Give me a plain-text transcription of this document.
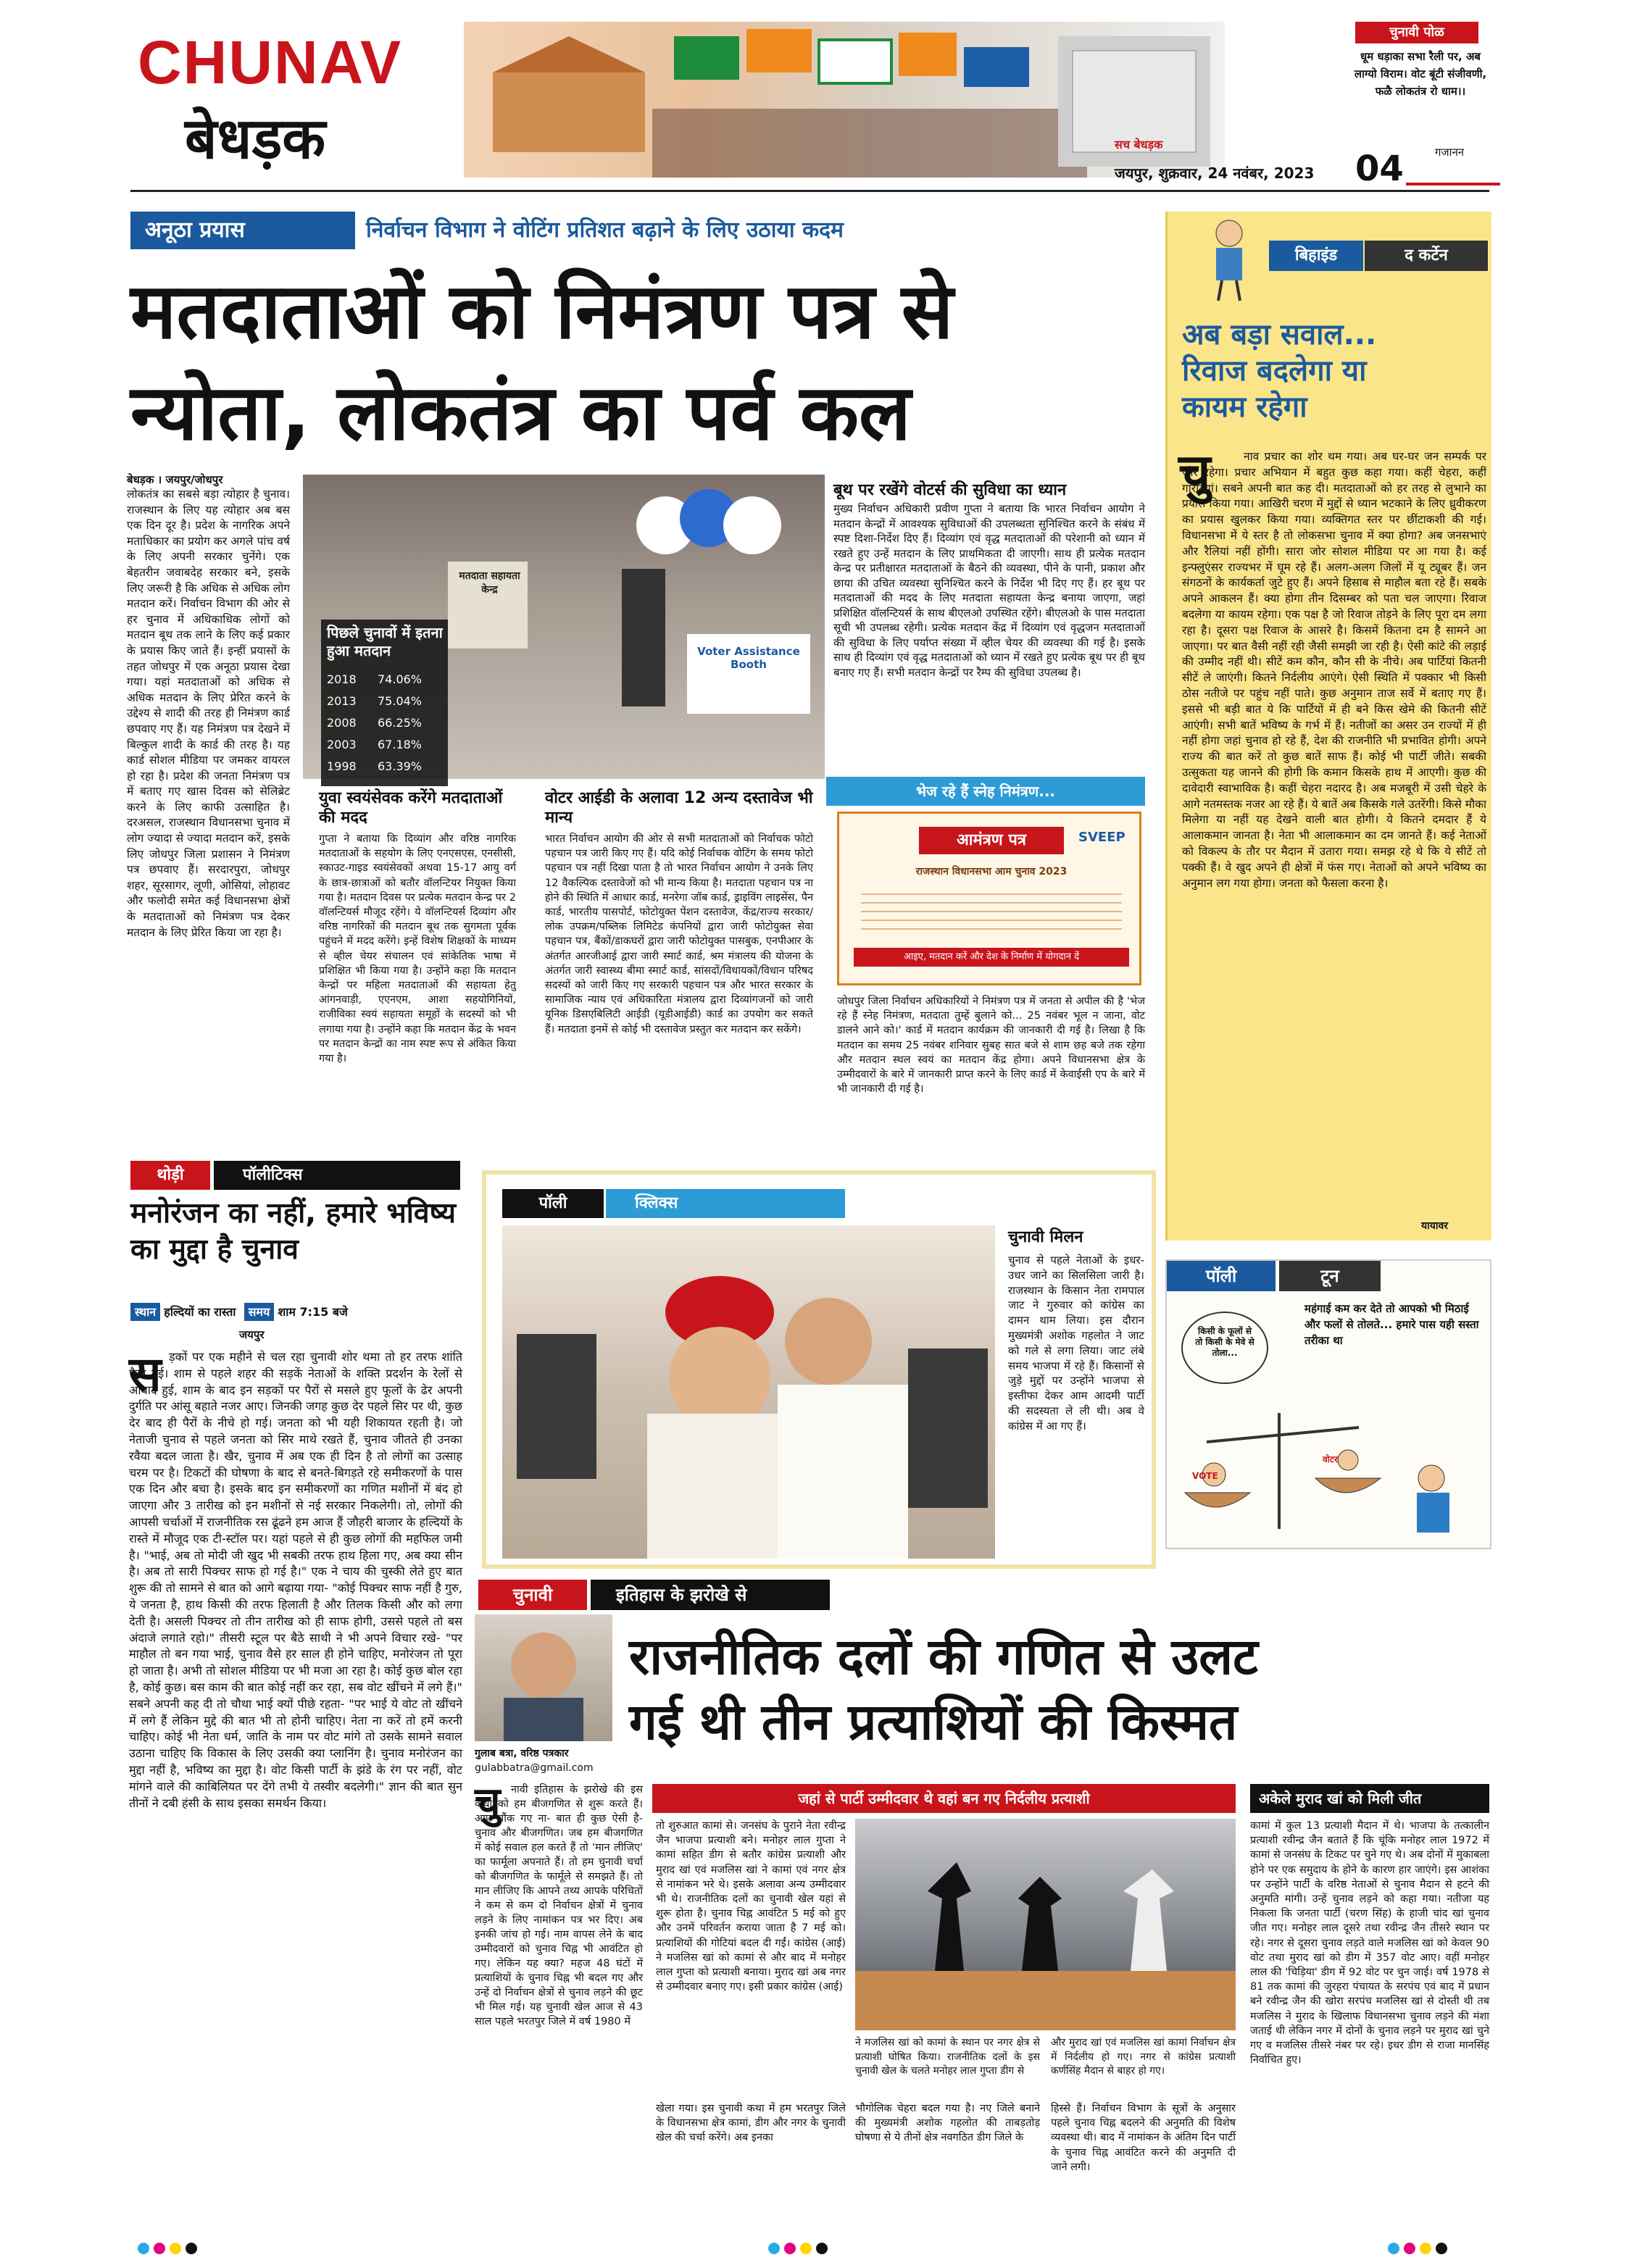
CHUNAV
बेधड़क
चुनावी पोळ
धूम धड़ाका सभा रैली पर, अब लाग्यो विराम। वोट बूंटी संजीवणी, फळै लोकतंत्र रो धाम।।
गजानन
सच बेधड़क
जयपुर, शुक्रवार, 24 नवंबर, 2023 04
अनूठा प्रयास	निर्वाचन विभाग ने वोटिंग प्रतिशत बढ़ाने के लिए उठाया कदम
मतदाताओं को निमंत्रण पत्र से
न्योता, लोकतंत्र का पर्व कल
बेधड़क । जयपुर/जोधपुर
लोकतंत्र का सबसे बड़ा त्योहार है चुनाव। राजस्थान के लिए यह त्योहार अब बस एक दिन दूर है। प्रदेश के नागरिक अपने मताधिकार का प्रयोग कर अगले पांच वर्ष के लिए अपनी सरकार चुनेंगे। एक बेहतरीन जवाबदेह सरकार बने, इसके लिए जरूरी है कि अधिक से अधिक लोग मतदान करें। निर्वाचन विभाग की ओर से हर चुनाव में अधिकाधिक लोगों को मतदान बूथ तक लाने के लिए कई प्रकार के प्रयास किए जाते हैं। इन्हीं प्रयासों के तहत जोधपुर में एक अनूठा प्रयास देखा गया। यहां मतदाताओं को अधिक से अधिक मतदान के लिए प्रेरित करने के उद्देश्य से शादी की तरह ही निमंत्रण कार्ड छपवाए गए हैं। यह निमंत्रण पत्र देखने में बिल्कुल शादी के कार्ड की तरह है। यह कार्ड सोशल मीडिया पर जमकर वायरल हो रहा है। प्रदेश की जनता निमंत्रण पत्र में बताए गए खास दिवस को सेलिब्रेट करने के लिए काफी उत्साहित है। दरअसल, राजस्थान विधानसभा चुनाव में लोग ज्यादा से ज्यादा मतदान करें, इसके लिए जोधपुर जिला प्रशासन ने निमंत्रण पत्र छपवाए हैं। सरदारपुरा, जोधपुर शहर, सूरसागर, लूणी, ओसियां, लोहावट और फलोदी समेत कई विधानसभा क्षेत्रों के मतदाताओं को निमंत्रण पत्र देकर मतदान के लिए प्रेरित किया जा रहा है।
मतदाता सहायता केन्द्र
Voter Assistance Booth
पिछले चुनावों में इतना हुआ मतदान
2018 74.06%
2013 75.04%
2008 66.25%
2003 67.18%
1998 63.39%
बूथ पर रखेंगे वोटर्स की सुविधा का ध्यान
मुख्य निर्वाचन अधिकारी प्रवीण गुप्ता ने बताया कि भारत निर्वाचन आयोग ने मतदान केन्द्रों में आवश्यक सुविधाओं की उपलब्धता सुनिश्चित करने के संबंध में स्पष्ट दिशा-निर्देश दिए हैं। दिव्यांग एवं वृद्ध मतदाताओं की परेशानी को ध्यान में रखते हुए उन्हें मतदान के लिए प्राथमिकता दी जाएगी। साथ ही प्रत्येक मतदान केन्द्र पर प्रतीक्षारत मतदाताओं के बैठने की व्यवस्था, पीने के पानी, प्रकाश और छाया की उचित व्यवस्था सुनिश्चित करने के निर्देश भी दिए गए हैं। हर बूथ पर मतदाताओं की मदद के लिए मतदाता सहायता केन्द्र बनाया जाएगा, जहां प्रशिक्षित वॉलन्टियर्स के साथ बीएलओ उपस्थित रहेंगे। बीएलओ के पास मतदाता सूची भी उपलब्ध रहेगी। प्रत्येक मतदान केंद्र में दिव्यांग एवं वृद्धजन मतदाताओं की सुविधा के लिए पर्याप्त संख्या में व्हील चेयर की व्यवस्था की गई है। इसके साथ ही दिव्यांग एवं वृद्ध मतदाताओं को ध्यान में रखते हुए प्रत्येक बूथ पर ही बूथ बनाए गए हैं। सभी मतदान केन्द्रों पर रैम्प की सुविधा उपलब्ध है।
युवा स्वयंसेवक करेंगे मतदाताओं की मदद
गुप्ता ने बताया कि दिव्यांग और वरिष्ठ नागरिक मतदाताओं के सहयोग के लिए एनएसएस, एनसीसी, स्काउट-गाइड स्वयंसेवकों अथवा 15-17 आयु वर्ग के छात्र-छात्राओं को बतौर वॉलन्टियर नियुक्त किया गया है। मतदान दिवस पर प्रत्येक मतदान केन्द्र पर 2 वॉलन्टियर्स मौजूद रहेंगे। ये वॉलन्टियर्स दिव्यांग और वरिष्ठ नागरिकों की मतदान बूथ तक सुगमता पूर्वक पहुंचने में मदद करेंगे। इन्हें विशेष शिक्षकों के माध्यम से व्हील चेयर संचालन एवं सांकेतिक भाषा में प्रशिक्षित भी किया गया है। उन्होंने कहा कि मतदान केन्द्रों पर महिला मतदाताओं की सहायता हेतु आंगनवाड़ी, एएनएम, आशा सहयोगिनियों, राजीविका स्वयं सहायता समूहों के सदस्यों को भी लगाया गया है। उन्होंने कहा कि मतदान केंद्र के भवन पर मतदान केन्द्रों का नाम स्पष्ट रूप से अंकित किया गया है।
वोटर आईडी के अलावा 12 अन्य दस्तावेज भी मान्य
भारत निर्वाचन आयोग की ओर से सभी मतदाताओं को निर्वाचक फोटो पहचान पत्र जारी किए गए हैं। यदि कोई निर्वाचक वोटिंग के समय फोटो पहचान पत्र नहीं दिखा पाता है तो भारत निर्वाचन आयोग ने उनके लिए 12 वैकल्पिक दस्तावेजों को भी मान्य किया है। मतदाता पहचान पत्र ना होने की स्थिति में आधार कार्ड, मनरेगा जॉब कार्ड, ड्राइविंग लाइसेंस, पैन कार्ड, भारतीय पासपोर्ट, फोटोयुक्त पेंशन दस्तावेज, केंद्र/राज्य सरकार/लोक उपक्रम/पब्लिक लिमिटेड कंपनियों द्वारा जारी फोटोयुक्त सेवा पहचान पत्र, बैंकों/डाकघरों द्वारा जारी फोटोयुक्त पासबुक, एनपीआर के अंतर्गत आरजीआई द्वारा जारी स्मार्ट कार्ड, श्रम मंत्रालय की योजना के अंतर्गत जारी स्वास्थ्य बीमा स्मार्ट कार्ड, सांसदों/विधायकों/विधान परिषद सदस्यों को जारी किए गए सरकारी पहचान पत्र और भारत सरकार के सामाजिक न्याय एवं अधिकारिता मंत्रालय द्वारा दिव्यांगजनों को जारी यूनिक डिसएबिलिटी आईडी (यूडीआईडी) कार्ड का उपयोग कर सकते हैं। मतदाता इनमें से कोई भी दस्तावेज प्रस्तुत कर मतदान कर सकेंगे।
भेज रहे हैं स्नेह निमंत्रण...
आमंत्रण पत्र	SVEEP
राजस्थान विधानसभा आम चुनाव 2023
आइए, मतदान करें और देश के निर्माण में योगदान दें
जोधपुर जिला निर्वाचन अधिकारियों ने निमंत्रण पत्र में जनता से अपील की है 'भेज रहे हैं स्नेह निमंत्रण, मतदाता तुम्हें बुलाने को... 25 नवंबर भूल न जाना, वोट डालने आने को।' कार्ड में मतदान कार्यक्रम की जानकारी दी गई है। लिखा है कि मतदान का समय 25 नवंबर शनिवार सुबह सात बजे से शाम छह बजे तक रहेगा और मतदान स्थल स्वयं का मतदान केंद्र होगा। अपने विधानसभा क्षेत्र के उम्मीदवारों के बारे में जानकारी प्राप्त करने के लिए कार्ड में केवाईसी एप के बारे में भी जानकारी दी गई है।
बिहाइंड	द कर्टेन
अब बड़ा सवाल... रिवाज बदलेगा या कायम रहेगा
चु	नाव प्रचार का शोर थम गया। अब घर-घर जन सम्पर्क पर जोर रहेगा। प्रचार अभियान में बहुत कुछ कहा गया। कहीं चेहरा, कहीं गारंटियां। सबने अपनी बात कह दी। मतदाताओं को हर तरह से लुभाने का प्रयास किया गया। आखिरी चरण में मुद्दों से ध्यान भटकाने के लिए ध्रुवीकरण का प्रयास खुलकर किया गया। व्यक्तिगत स्तर पर छींटाकशी की गई। विधानसभा में ये स्तर है तो लोकसभा चुनाव में क्या होगा? अब जनसभाएं और रैलियां नहीं होंगी। सारा जोर सोशल मीडिया पर आ गया है। कई इन्फ्लुएंसर राज्यभर में घूम रहे हैं। अलग-अलग जिलों में यू ट्यूबर हैं। जन संगठनों के कार्यकर्ता जुटे हुए हैं। अपने हिसाब से माहौल बता रहे हैं। सबके अपने आकलन हैं। क्या होगा तीन दिसम्बर को पता चल जाएगा। रिवाज बदलेगा या कायम रहेगा। एक पक्ष है जो रिवाज तोड़ने के लिए पूरा दम लगा रहा है। दूसरा पक्ष रिवाज के आसरे है। किसमें कितना दम है सामने आ जाएगा। पर बात वैसी नहीं रही जैसी समझी जा रही है। ऐसी कांटे की लड़ाई की उम्मीद नहीं थी। सीटें कम कौन, कौन सी के नीचे। अब पार्टियां कितनी सीटें ले जाएंगी। कितने निर्दलीय आएंगे। ऐसी स्थिति में पक्कार भी किसी ठोस नतीजे पर पहुंच नहीं पाते। कुछ अनुमान ताज सर्वे में बताए गए हैं। इससे भी बड़ी बात ये कि पार्टियों में ही बने किस खेमे की कितनी सीटें आएंगी। सभी बातें भविष्य के गर्भ में हैं। नतीजों का असर उन राज्यों में ही नहीं होगा जहां चुनाव हो रहे हैं, देश की राजनीति भी प्रभावित होगी। अपने राज्य की बात करें तो कुछ बातें साफ हैं। कोई भी पार्टी जीते। सबकी उत्सुकता यह जानने की होगी कि कमान किसके हाथ में आएगी। कुछ की दावेदारी स्वाभाविक है। कहीं चेहरा नदारद है। अब मजबूरी में उसी चेहरे के आगे नतमस्तक नजर आ रहे हैं। ये बातें अब किसके गले उतरेंगी। किसे मौका मिलेगा या नहीं यह देखने वाली बात होगी। ये कितने दमदार हैं ये आलाकमान जानता है। नेता भी आलाकमान का दम जानते हैं। कई नेताओं को विकल्प के तौर पर मैदान में उतारा गया। समझ रहे थे कि ये सीटें तो पक्की हैं। वे खुद अपने ही क्षेत्रों में फंस गए। नेताओं को अपने भविष्य का अनुमान लग गया होगा। जनता को फैसला करना है।
यायावर
पॉली	टून
किसी के फूलों से तो किसी के मेवे से तोला...
महंगाई कम कर देते तो आपको भी मिठाई और फलों से तोलते... हमारे पास यही सस्ता तरीका था
VOTE
वोटर
थोड़ी	पॉलीटिक्स
मनोरंजन का नहीं, हमारे भविष्य का मुद्दा है चुनाव
स्थान हल्दियों का रास्ता समय शाम 7:15 बजे
जयपुर
स ड़कों पर एक महीने से चल रहा चुनावी शोर थमा तो हर तरफ शांति फैल गई। शाम से पहले शहर की सड़कें नेताओं के शक्ति प्रदर्शन के रेलों से आबाद हुई, शाम के बाद इन सड़कों पर पैरों से मसले हुए फूलों के ढेर अपनी दुर्गति पर आंसू बहाते नजर आए। जिनकी जगह कुछ देर पहले सिर पर थी, कुछ देर बाद ही पैरों के नीचे हो गई। जनता को भी यही शिकायत रहती है। जो नेताजी चुनाव से पहले जनता को सिर माथे रखते हैं, चुनाव जीतते ही उनका रवैया बदल जाता है। खैर, चुनाव में अब एक ही दिन है तो लोगों का उत्साह चरम पर है। टिकटों की घोषणा के बाद से बनते-बिगड़ते रहे समीकरणों के पास एक दिन और बचा है। इसके बाद इन समीकरणों का गणित मशीनों में बंद हो जाएगा और 3 तारीख को इन मशीनों से नई सरकार निकलेगी। तो, लोगों की आपसी चर्चाओं में राजनीतिक रस ढूंढने हम आज हैं जौहरी बाजार के हल्दियों के रास्ते में मौजूद एक टी-स्टॉल पर। यहां पहले से ही कुछ लोगों की महफिल जमी है। "भाई, अब तो मोदी जी खुद भी सबकी तरफ हाथ हिला गए, अब क्या सीन है। अब तो सारी पिक्चर साफ हो गई है।" एक ने चाय की चुस्की लेते हुए बात शुरू की तो सामने से बात को आगे बढ़ाया गया- "कोई पिक्चर साफ नहीं है गुरु, ये जनता है, हाथ किसी की तरफ हिलाती है और तिलक किसी और को लगा देती है। असली पिक्चर तो तीन तारीख को ही साफ होगी, उससे पहले तो बस अंदाजे लगाते रहो।" तीसरी स्टूल पर बैठे साथी ने भी अपने विचार रखे- "पर माहौल तो बन गया भाई, चुनाव वैसे हर साल ही होने चाहिए, मनोरंजन तो पूरा हो जाता है। अभी तो सोशल मीडिया पर भी मजा आ रहा है। कोई कुछ बोल रहा है, कोई कुछ। बस काम की बात कोई नहीं कर रहा, सब वोट खींचने में लगे हैं।" सबने अपनी कह दी तो चौथा भाई क्यों पीछे रहता- "पर भाई ये वोट तो खींचने में लगे हैं लेकिन मुद्दे की बात भी तो होनी चाहिए। नेता ना करें तो हमें करनी चाहिए। कोई भी नेता धर्म, जाति के नाम पर वोट मांगे तो उसके सामने सवाल उठाना चाहिए कि विकास के लिए उसकी क्या प्लानिंग है। चुनाव मनोरंजन का मुद्दा नहीं है, भविष्य का मुद्दा है। वोट किसी पार्टी के झंडे के रंग पर नहीं, वोट मांगने वाले की काबिलियत पर देंगे तभी ये तस्वीर बदलेगी।" ज्ञान की बात सुन तीनों ने दबी हंसी के साथ इसका समर्थन किया।
पॉली	क्लिक्स
चुनावी मिलन
चुनाव से पहले नेताओं के इधर-उधर जाने का सिलसिला जारी है। राजस्थान के किसान नेता रामपाल जाट ने गुरुवार को कांग्रेस का दामन थाम लिया। इस दौरान मुख्यमंत्री अशोक गहलोत ने जाट को गले से लगा लिया। जाट लंबे समय भाजपा में रहे हैं। किसानों से जुड़े मुद्दों पर उन्होंने भाजपा से इस्तीफा देकर आम आदमी पार्टी की सदस्यता ले ली थी। अब वे कांग्रेस में आ गए हैं।
चुनावी	इतिहास के झरोखे से
गुलाब बत्रा, वरिष्ठ पत्रकार
gulabbatra@gmail.com
राजनीतिक दलों की गणित से उलट
गई थी तीन प्रत्याशियों की किस्मत
चु नावी इतिहास के झरोखे की इस कथा को हम बीजगणित से शुरू करते हैं। आप चौंक गए ना- बात ही कुछ ऐसी है- चुनाव और बीजगणित। जब हम बीजगणित में कोई सवाल हल करते हैं तो 'मान लीजिए' का फार्मूला अपनाते हैं। तो हम चुनावी चर्चा को बीजगणित के फार्मूले से समझते हैं। तो मान लीजिए कि आपने तथ्य आपके परिचितों ने कम से कम दो निर्वाचन क्षेत्रों में चुनाव लड़ने के लिए नामांकन पत्र भर दिए। अब इनकी जांच हो गई। नाम वापस लेने के बाद उम्मीदवारों को चुनाव चिह्न भी आवंटित हो गए। लेकिन यह क्या? महज 48 घंटों में प्रत्याशियों के चुनाव चिह्न भी बदल गए और उन्हें दो निर्वाचन क्षेत्रों से चुनाव लड़ने की छूट भी मिल गई। यह चुनावी खेल आज से 43 साल पहले भरतपुर जिले में वर्ष 1980 में
जहां से पार्टी उम्मीदवार थे वहां बन गए निर्दलीय प्रत्याशी
तो शुरुआत कामां से। जनसंघ के पुराने नेता रवीन्द्र जैन भाजपा प्रत्याशी बने। मनोहर लाल गुप्ता ने कामां सहित डीग से बतौर कांग्रेस प्रत्याशी और मुराद खां एवं मजलिस खां ने कामां एवं नगर क्षेत्र से नामांकन भरे थे। इसके अलावा अन्य उम्मीदवार भी थे। राजनीतिक दलों का चुनावी खेल यहां से शुरू होता है। चुनाव चिह्न आवंटित 5 मई को हुए और उनमें परिवर्तन कराया जाता है 7 मई को। प्रत्याशियों की गोटियां बदल दी गईं। कांग्रेस (आई) ने मजलिस खां को कामां से और बाद में मनोहर लाल गुप्ता को प्रत्याशी बनाया। मुराद खां अब नगर से उम्मीदवार बनाए गए। इसी प्रकार कांग्रेस (आई)
ने मजलिस खां को कामां के स्थान पर नगर क्षेत्र से प्रत्याशी घोषित किया। राजनीतिक दलों के इस चुनावी खेल के चलते मनोहर लाल गुप्ता डीग से
और मुराद खां एवं मजलिस खां कामां निर्वाचन क्षेत्र में निर्दलीय हो गए। नगर से कांग्रेस प्रत्याशी कर्णसिंह मैदान से बाहर हो गए।
खेला गया। इस चुनावी कथा में हम भरतपुर जिले के विधानसभा क्षेत्र कामां, डीग और नगर के चुनावी खेल की चर्चा करेंगे। अब इनका
भौगोलिक चेहरा बदल गया है। नए जिले बनाने की मुख्यमंत्री अशोक गहलोत की ताबड़तोड़ घोषणा से ये तीनों क्षेत्र नवगठित डीग जिले के
हिस्से हैं। निर्वाचन विभाग के सूत्रों के अनुसार पहले चुनाव चिह्न बदलने की अनुमति की विशेष व्यवस्था थी। बाद में नामांकन के अंतिम दिन पार्टी के चुनाव चिह्न आवंटित करने की अनुमति दी जाने लगी।
अकेले मुराद खां को मिली जीत
कामां में कुल 13 प्रत्याशी मैदान में थे। भाजपा के तत्कालीन प्रत्याशी रवीन्द्र जैन बताते हैं कि चूंकि मनोहर लाल 1972 में कामां से जनसंघ के टिकट पर चुने गए थे। अब दोनों में मुकाबला होने पर एक समुदाय के होने के कारण हार जाएंगे। इस आशंका पर उन्होंने पार्टी के वरिष्ठ नेताओं से चुनाव मैदान से हटने की अनुमति मांगी। उन्हें चुनाव लड़ने को कहा गया। नतीजा यह निकला कि जनता पार्टी (चरण सिंह) के हाजी चांद खां चुनाव जीत गए। मनोहर लाल दूसरे तथा रवीन्द्र जैन तीसरे स्थान पर रहे। नगर से दूसरा चुनाव लड़ते वाले मजलिस खां को केवल 90 वोट तथा मुराद खां को डीग में 357 वोट आए। वहीं मनोहर लाल की 'चिड़िया' डीग में 92 वोट पर चुन जाई। वर्ष 1978 से 81 तक कामां की जुरहरा पंचायत के सरपंच एवं बाद में प्रधान बने रवीन्द्र जैन की खोरा सरपंच मजलिस खां से दोस्ती थी तब मजलिस ने मुराद के खिलाफ विधानसभा चुनाव लड़ने की मंशा जताई थी लेकिन नगर में दोनों के चुनाव लड़ने पर मुराद खां चुने गए व मजलिस तीसरे नंबर पर रहे। इधर डीग से राजा मानसिंह निर्वाचित हुए।
